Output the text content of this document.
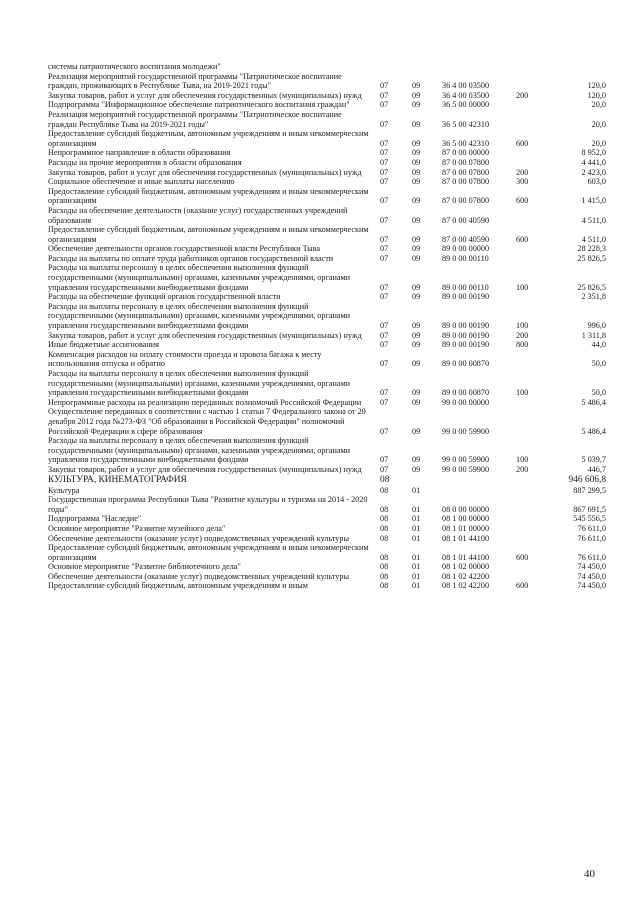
системы патриотического воспитания молодежи"
Реализация мероприятий государственной программы "Патриотическое воспитание граждан, проживающих в Республике Тыва, на 2019-2021 годы"	07	09	36 4 00 03500	120,0
Закупка товаров, работ и услуг для обеспечения государственных (муниципальных) нужд	07	09	36 4 00 03500	200	120,0
Подпрограмма "Информационное обеспечение патриотического воспитания граждан"	07	09	36 5 00 00000	20,0
Реализация мероприятий государственной программы "Патриотическое воспитание граждан Республике Тыва на 2019-2021 годы"	07	09	36 5 00 42310	20,0
Предоставление субсидий бюджетным, автономным учреждениям и иным некоммерческим организациям	07	09	36 5 00 42310	600	20,0
Непрограммное направление в области образования	07	09	87 0 00 00000	8 952,0
Расходы на прочие мероприятия в области образования	07	09	87 0 00 07800	4 441,0
Закупка товаров, работ и услуг для обеспечения государственных (муниципальных) нужд	07	09	87 0 00 07800	200	2 423,0
Социальное обеспечение и иные выплаты населению	07	09	87 0 00 07800	300	603,0
Предоставление субсидий бюджетным, автономным учреждениям и иным некоммерческим организациям	07	09	87 0 00 07800	600	1 415,0
Расходы на обеспечение деятельности (оказание услуг) государственных учреждений образования	07	09	87 0 00 40590	4 511,0
Предоставление субсидий бюджетным, автономным учреждениям и иным некоммерческим организациям	07	09	87 0 00 40590	600	4 511,0
Обеспечение деятельности органов государственной власти Республики Тыва	07	09	89 0 00 00000	28 228,3
Расходы на выплаты по оплате труда работников органов государственной власти	07	09	89 0 00 00110	25 826,5
Расходы на выплаты персоналу в целях обеспечения выполнения функций государственными (муниципальными) органами, казенными учреждениями, органами управления государственными внебюджетными фондами	07	09	89 0 00 00110	100	25 826,5
Расходы на обеспечение функций органов государственной власти	07	09	89 0 00 00190	2 351,8
Расходы на выплаты персоналу в целях обеспечения выполнения функций государственными (муниципальными) органами, казенными учреждениями, органами управления государственными внебюджетными фондами	07	09	89 0 00 00190	100	996,0
Закупка товаров, работ и услуг для обеспечения государственных (муниципальных) нужд	07	09	89 0 00 00190	200	1 311,8
Иные бюджетные ассигнования	07	09	89 0 00 00190	800	44,0
Компенсация расходов на оплату стоимости проезда и провоза багажа к месту использования отпуска и обратно	07	09	89 0 00 00870	50,0
Расходы на выплаты персоналу в целях обеспечения выполнения функций государственными (муниципальными) органами, казенными учреждениями, органами управления государственными внебюджетными фондами	07	09	89 0 00 00870	100	50,0
Непрограммные расходы на реализацию переданных полномочий Российской Федерации	07	09	99 0 00 00000	5 486,4
Осуществление переданных в соответствии с частью 1 статьи 7 Федерального закона от 29 декабря 2012 года №273-ФЗ "Об образовании в Российской Федерации" полномочий Российской Федерации в сфере образования	07	09	99 0 00 59900	5 486,4
Расходы на выплаты персоналу в целях обеспечения выполнения функций государственными (муниципальными) органами, казенными учреждениями, органами управления государственными внебюджетными фондами	07	09	99 0 00 59900	100	5 039,7
Закупка товаров, работ и услуг для обеспечения государственных (муниципальных) нужд	07	09	99 0 00 59900	200	446,7
КУЛЬТУРА, КИНЕМАТОГРАФИЯ	08	946 606,8
Культура	08	01	887 299,5
Государственная программа Республики Тыва "Развитие культуры и туризма на 2014 - 2020 годы"	08	01	08 0 00 00000	867 691,5
Подпрограмма "Наследие"	08	01	08 1 00 00000	545 556,5
Основное мероприятие "Развитие музейного дела"	08	01	08 1 01 00000	76 611,0
Обеспечение деятельности (оказание услуг) подведомственных учреждений культуры	08	01	08 1 01 44100	76 611,0
Предоставление субсидий бюджетным, автономным учреждениям и иным некоммерческим организациям	08	01	08 1 01 44100	600	76 611,0
Основное мероприятие "Развитие библиотечного дела"	08	01	08 1 02 00000	74 450,0
Обеспечение деятельности (оказание услуг) подведомственных учреждений культуры	08	01	08 1 02 42200	74 450,0
Предоставление субсидий бюджетным, автономным учреждениям и иным	08	01	08 1 02 42200	600	74 450,0
40
